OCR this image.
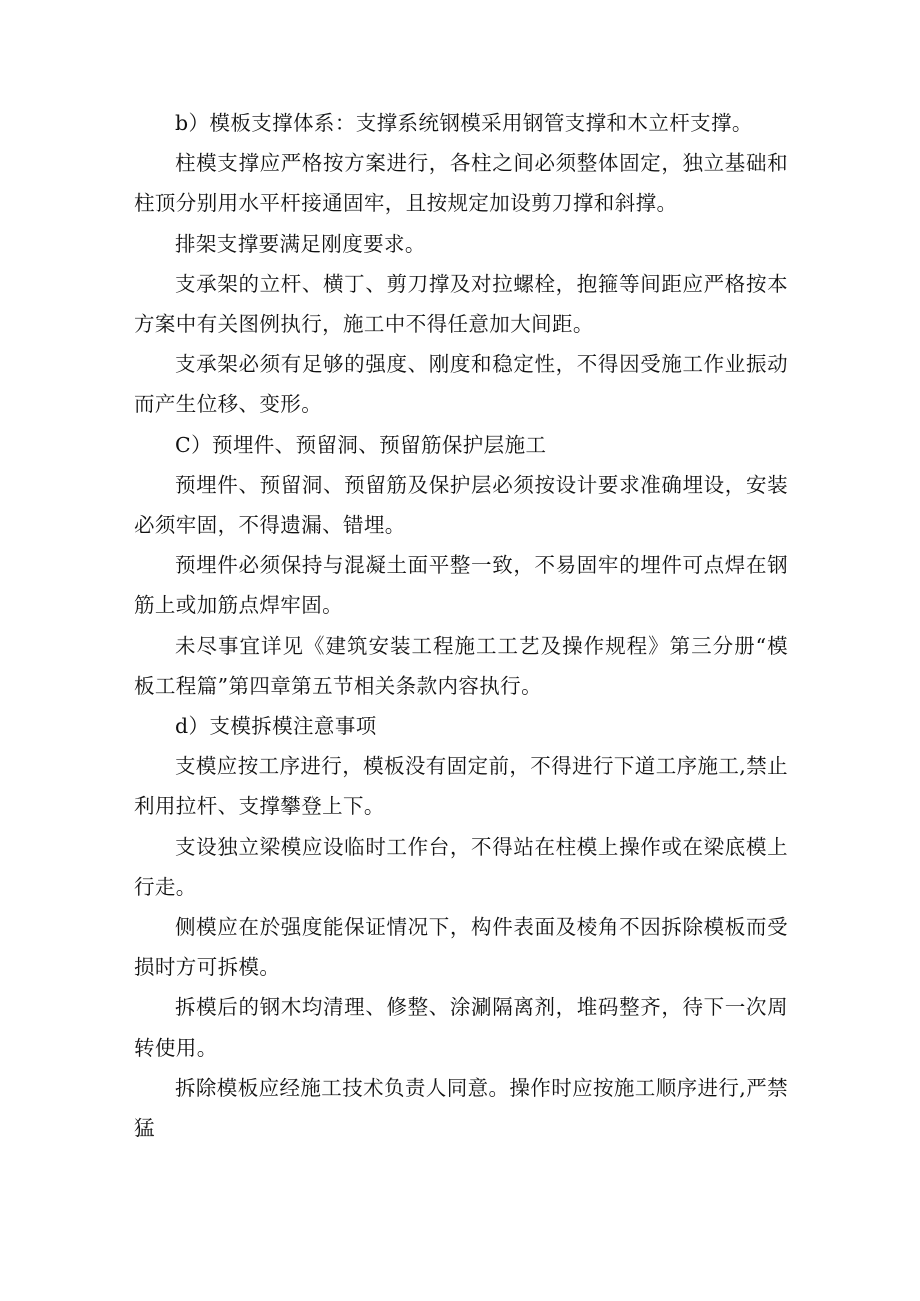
b）模板支撑体系：支撑系统钢模采用钢管支撑和木立杆支撑。

柱模支撑应严格按方案进行，各柱之间必须整体固定，独立基础和柱顶分别用水平杆接通固牢，且按规定加设剪刀撑和斜撑。

排架支撑要满足刚度要求。

支承架的立杆、横丁、剪刀撑及对拉螺栓，抱箍等间距应严格按本方案中有关图例执行，施工中不得任意加大间距。

支承架必须有足够的强度、刚度和稳定性，不得因受施工作业振动而产生位移、变形。

C）预埋件、预留洞、预留筋保护层施工

预埋件、预留洞、预留筋及保护层必须按设计要求准确埋设，安装必须牢固，不得遗漏、错埋。

预埋件必须保持与混凝土面平整一致，不易固牢的埋件可点焊在钢筋上或加筋点焊牢固。

未尽事宜详见《建筑安装工程施工工艺及操作规程》第三分册“模板工程篇”第四章第五节相关条款内容执行。

d）支模拆模注意事项

支模应按工序进行，模板没有固定前，不得进行下道工序施工,禁止利用拉杆、支撑攀登上下。

支设独立梁模应设临时工作台，不得站在柱模上操作或在梁底模上行走。

侧模应在於强度能保证情况下，构件表面及棱角不因拆除模板而受损时方可拆模。

拆模后的钢木均清理、修整、涂涮隔离剂，堆码整齐，待下一次周转使用。

拆除模板应经施工技术负责人同意。操作时应按施工顺序进行,严禁猛
